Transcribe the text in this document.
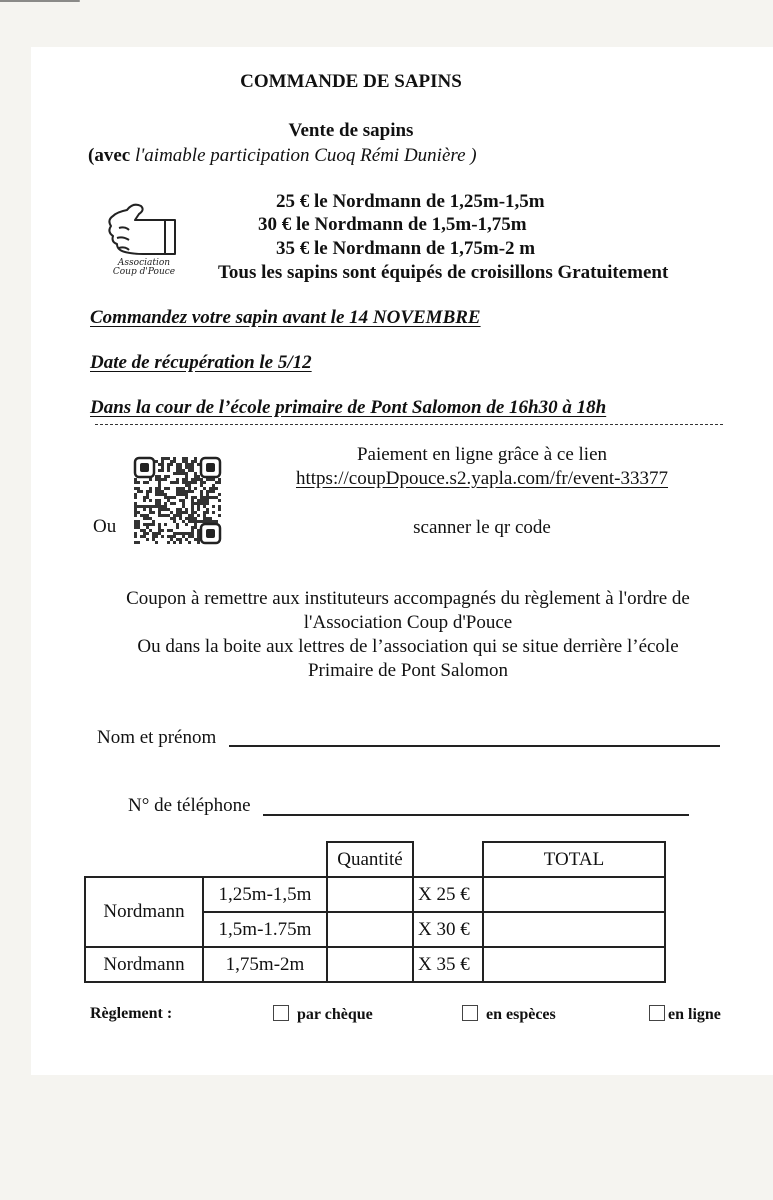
COMMANDE DE SAPINS
Vente de sapins
(avec l'aimable participation Cuoq Rémi Dunière )
Association
Coup d'Pouce
25 € le Nordmann de 1,25m-1,5m
30 € le Nordmann de 1,5m-1,75m
35 € le Nordmann de 1,75m-2 m
Tous les sapins sont équipés de croisillons Gratuitement
Commandez votre sapin avant le 14 NOVEMBRE
Date de récupération le 5/12
Dans la cour de l’école primaire de Pont Salomon de 16h30 à 18h
Ou
Paiement en ligne grâce à ce lien
https://coupDpouce.s2.yapla.com/fr/event-33377
scanner le qr code
Coupon à remettre aux instituteurs accompagnés du règlement à l'ordre de
l'Association Coup d'Pouce
Ou dans la boite aux lettres de l’association qui se situe derrière l’école
Primaire de Pont Salomon
Nom et prénom
N° de téléphone
		Quantité		TOTAL
Nordmann	1,25m-1,5m		X 25 €	
	1,5m-1.75m		X 30 €	
Nordmann	1,75m-2m		X 35 €	
Règlement :	par chèque	en espèces	en ligne
